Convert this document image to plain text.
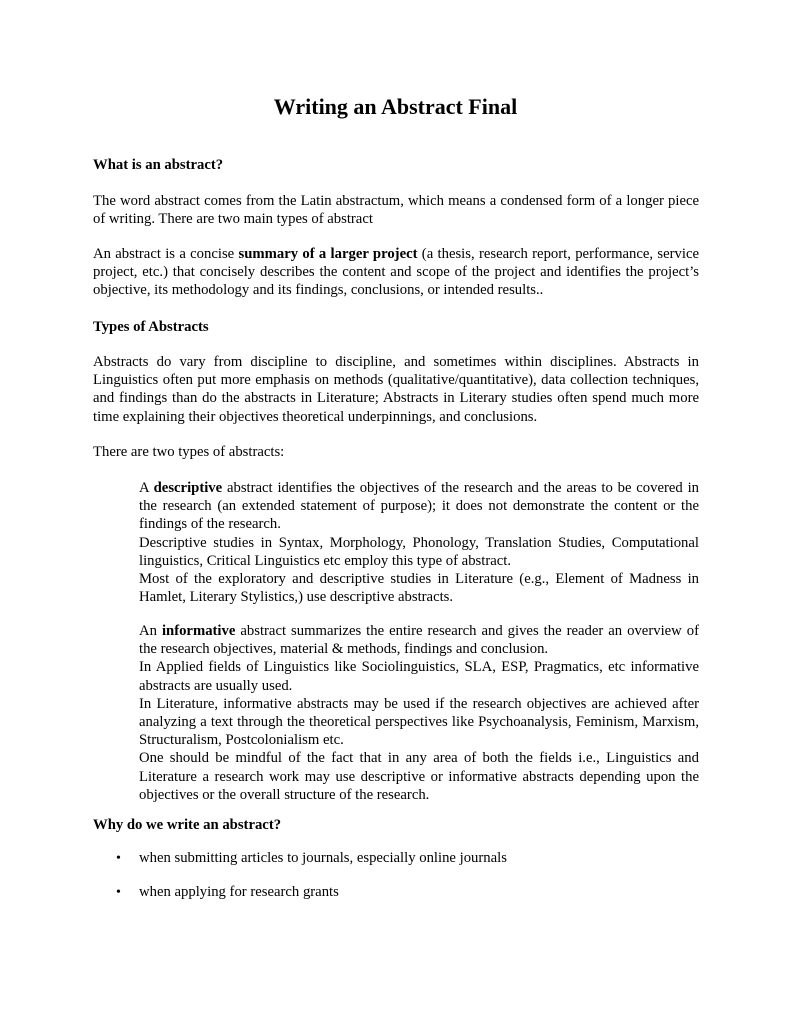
Writing an Abstract Final
What is an abstract?

The word abstract comes from the Latin abstractum, which means a condensed form of a longer piece of writing. There are two main types of abstract

An abstract is a concise summary of a larger project (a thesis, research report, performance, service project, etc.) that concisely describes the content and scope of the project and identifies the project’s objective, its methodology and its findings, conclusions, or intended results..

Types of Abstracts

Abstracts do vary from discipline to discipline, and sometimes within disciplines. Abstracts in Linguistics often put more emphasis on methods (qualitative/quantitative), data collection techniques, and findings than do the abstracts in Literature; Abstracts in Literary studies often spend much more time explaining their objectives theoretical underpinnings, and conclusions.

There are two types of abstracts:

A descriptive abstract identifies the objectives of the research and the areas to be covered in the research (an extended statement of purpose); it does not demonstrate the content or the findings of the research.
Descriptive studies in Syntax, Morphology, Phonology, Translation Studies, Computational linguistics, Critical Linguistics etc employ this type of abstract.
Most of the exploratory and descriptive studies in Literature (e.g., Element of Madness in Hamlet, Literary Stylistics,) use descriptive abstracts.
An informative abstract summarizes the entire research and gives the reader an overview of the research objectives, material & methods, findings and conclusion.
In Applied fields of Linguistics like Sociolinguistics, SLA, ESP, Pragmatics, etc informative abstracts are usually used.
In Literature, informative abstracts may be used if the research objectives are achieved after analyzing a text through the theoretical perspectives like Psychoanalysis, Feminism, Marxism, Structuralism, Postcolonialism etc.
One should be mindful of the fact that in any area of both the fields i.e., Linguistics and Literature a research work may use descriptive or informative abstracts depending upon the objectives or the overall structure of the research.
Why do we write an abstract?
• when submitting articles to journals, especially online journals

• when applying for research grants
